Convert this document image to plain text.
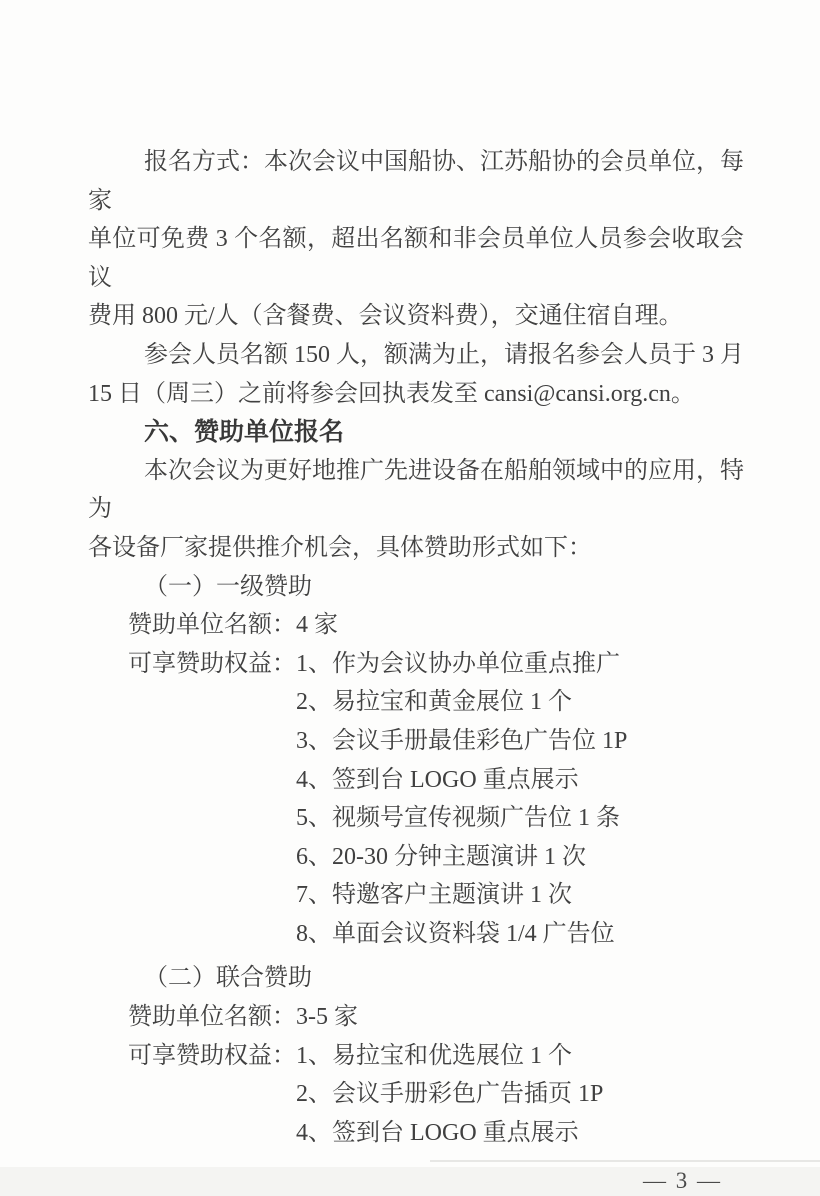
报名方式：本次会议中国船协、江苏船协的会员单位，每家
单位可免费 3 个名额，超出名额和非会员单位人员参会收取会议
费用 800 元/人（含餐费、会议资料费），交通住宿自理。
参会人员名额 150 人，额满为止，请报名参会人员于 3 月
15 日（周三）之前将参会回执表发至 cansi@cansi.org.cn。
六、赞助单位报名
本次会议为更好地推广先进设备在船舶领域中的应用，特为
各设备厂家提供推介机会，具体赞助形式如下：
（一）一级赞助
赞助单位名额：4 家
可享赞助权益： 1、作为会议协办单位重点推广
2、易拉宝和黄金展位 1 个
3、会议手册最佳彩色广告位 1P
4、签到台 LOGO 重点展示
5、视频号宣传视频广告位 1 条
6、20-30 分钟主题演讲 1 次
7、特邀客户主题演讲 1 次
8、单面会议资料袋 1/4 广告位
（二）联合赞助
赞助单位名额：3-5 家
可享赞助权益： 1、易拉宝和优选展位 1 个
2、会议手册彩色广告插页 1P
4、签到台 LOGO 重点展示
— 3 —
